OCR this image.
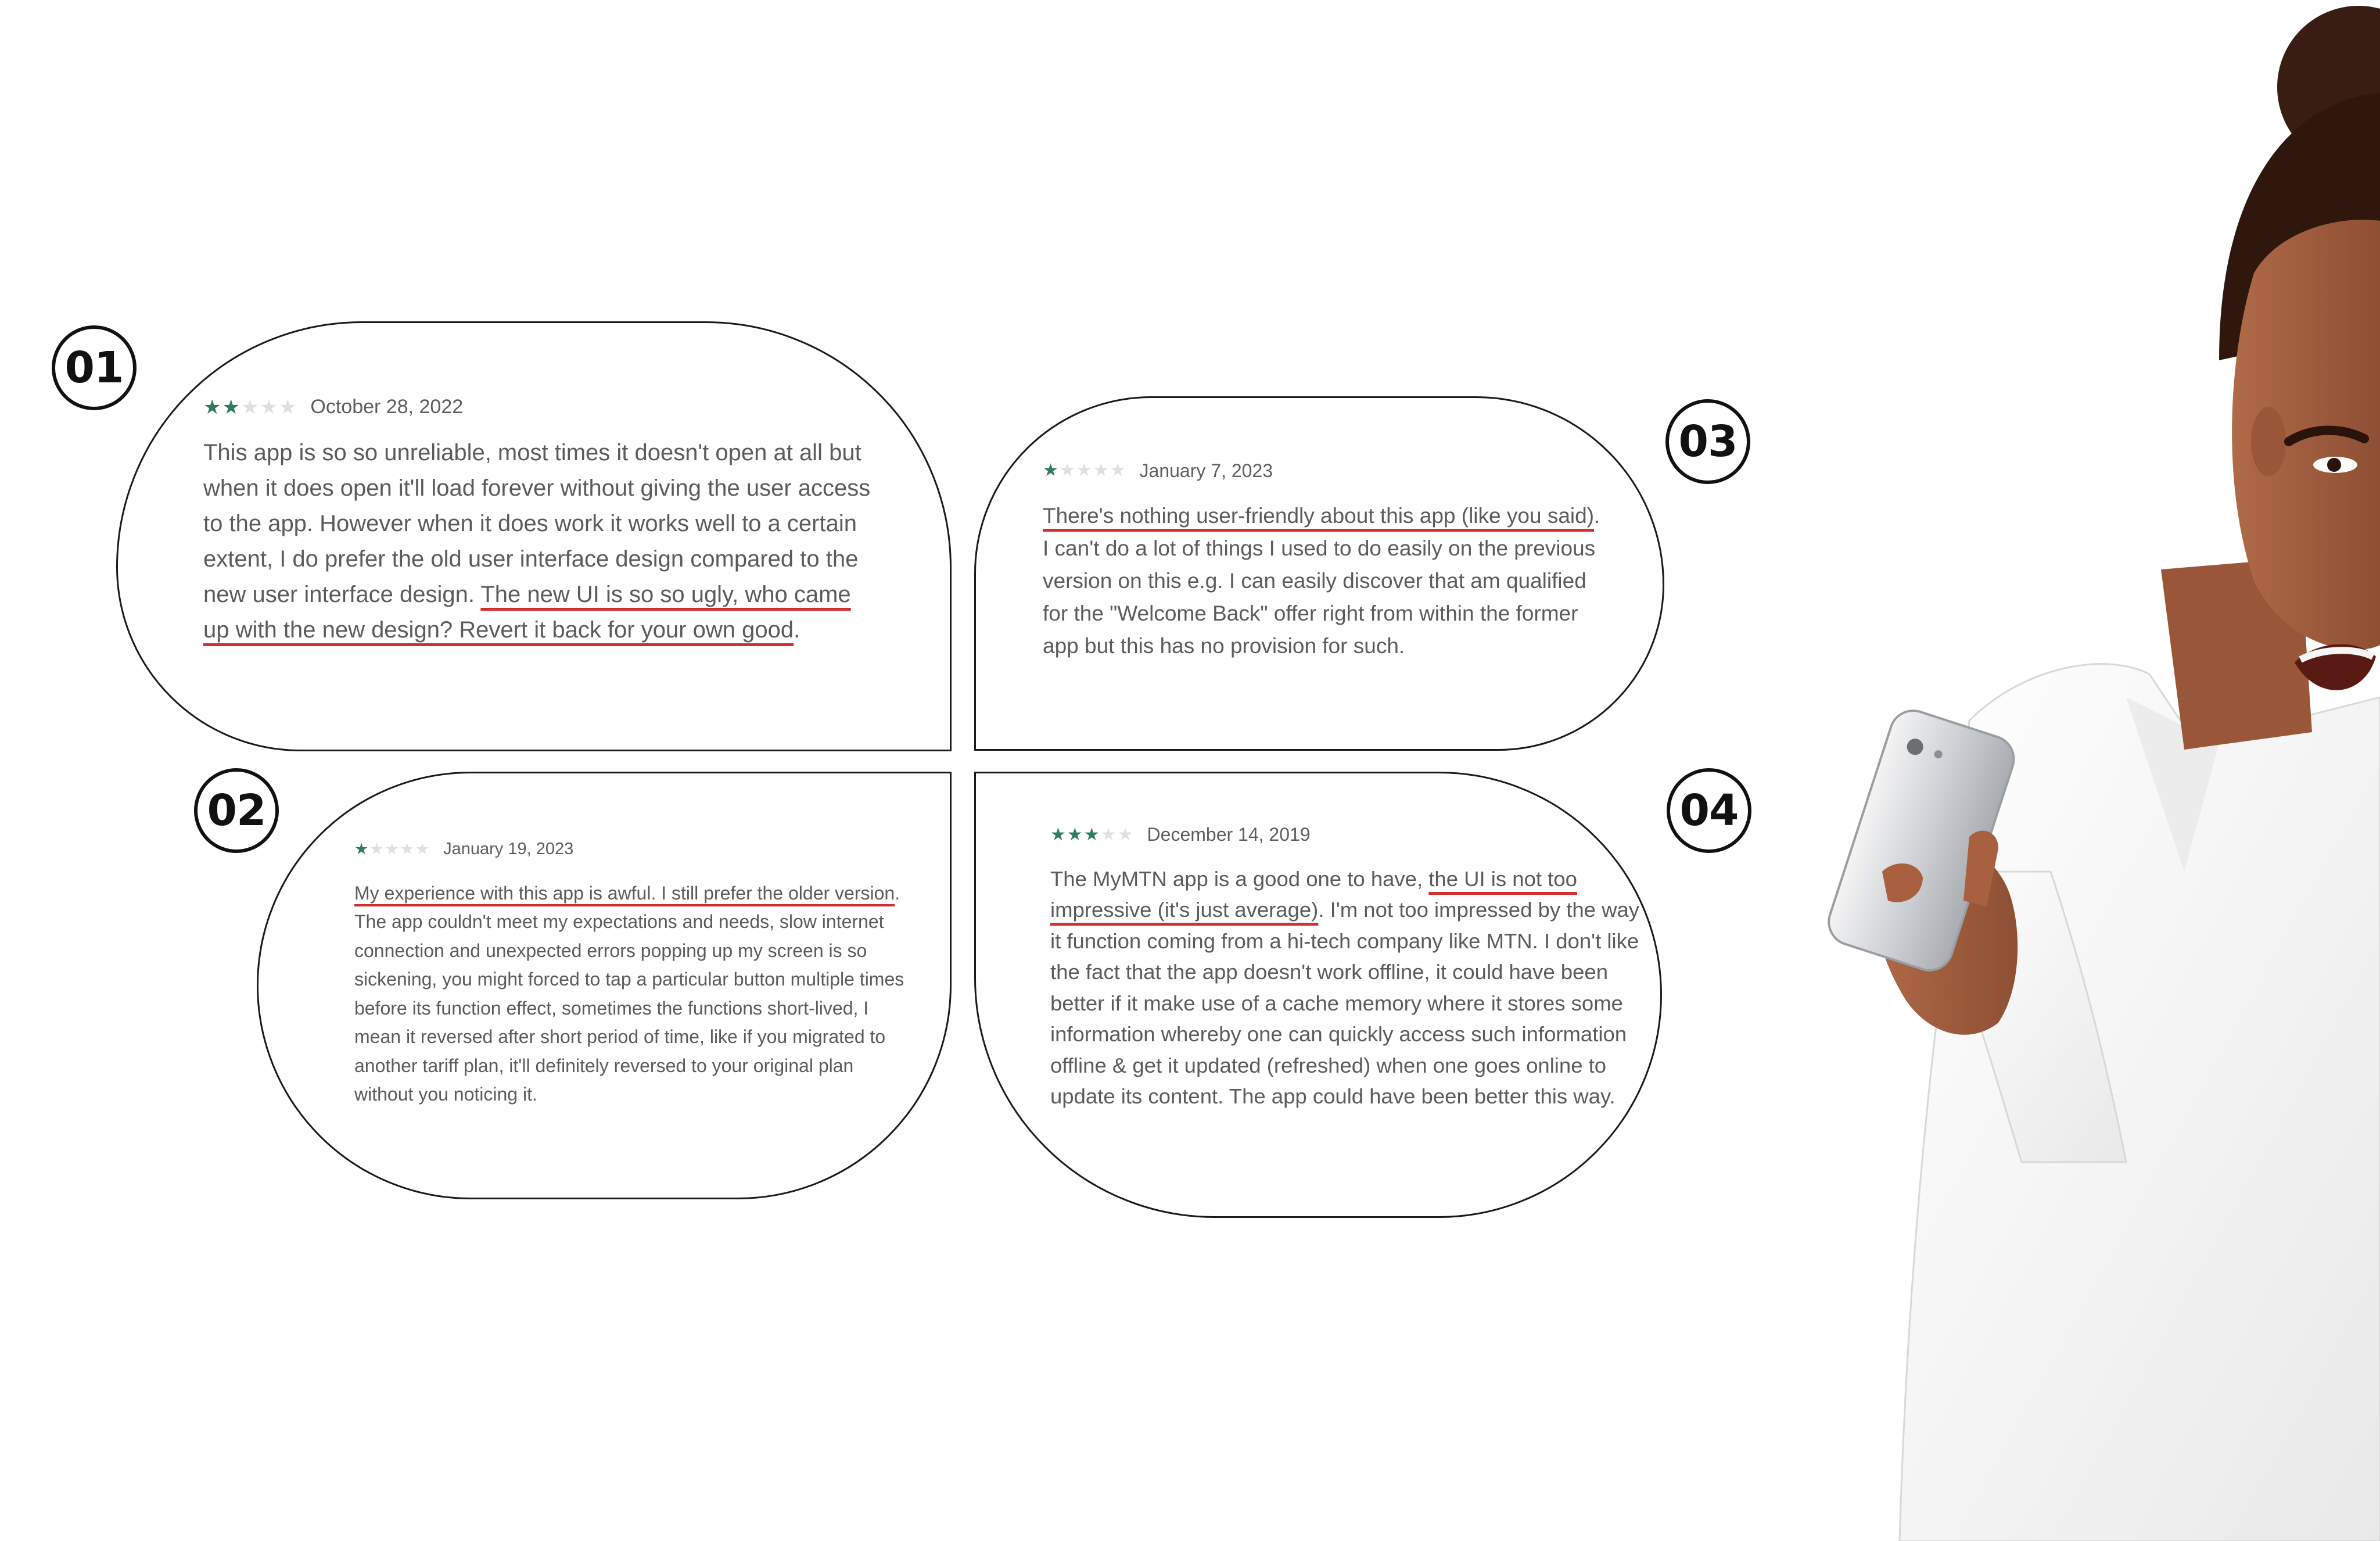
★ ★ ★ ★ ★ October 28, 2022

This app is so so unreliable, most times it doesn't open at all but when it does open it'll load forever without giving the user access to the app. However when it does work it works well to a certain extent, I do prefer the old user interface design compared to the new user interface design. The new UI is so so ugly, who came up with the new design? Revert it back for your own good.

★ ★ ★ ★ ★ January 7, 2023

There's nothing user-friendly about this app (like you said). I can't do a lot of things I used to do easily on the previous version on this e.g. I can easily discover that am qualified for the "Welcome Back" offer right from within the former app but this has no provision for such.

★ ★ ★ ★ ★ January 19, 2023

My experience with this app is awful. I still prefer the older version. The app couldn't meet my expectations and needs, slow internet connection and unexpected errors popping up my screen is so sickening, you might forced to tap a particular button multiple times before its function effect, sometimes the functions short-lived, I mean it reversed after short period of time, like if you migrated to another tariff plan, it'll definitely reversed to your original plan without you noticing it.

★ ★ ★ ★ ★ December 14, 2019

The MyMTN app is a good one to have, the UI is not too impressive (it's just average). I'm not too impressed by the way it function coming from a hi-tech company like MTN. I don't like the fact that the app doesn't work offline, it could have been better if it make use of a cache memory where it stores some information whereby one can quickly access such information offline & get it updated (refreshed) when one goes online to update its content. The app could have been better this way.

01
02
03
04
